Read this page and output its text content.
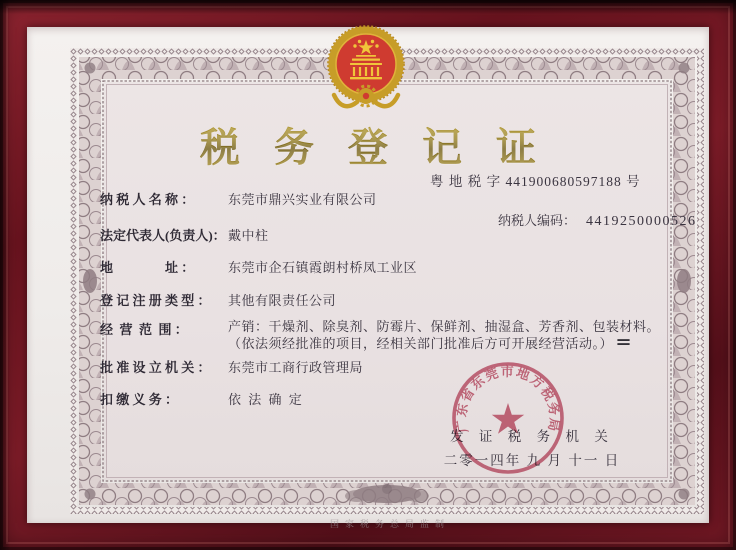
税务登记证
粤 地 税 字 441900680597188 号
纳税人编码： 4419250000526
纳 税 人 名 称 ：	东莞市鼎兴实业有限公司
法定代表人(负责人)： 戴中柱
地　　　　址 ：	东莞市企石镇霞朗村桥凤工业区
登 记 注 册 类 型 ： 其他有限责任公司
经  营  范  围 ：	产销：干燥剂、除臭剂、防霉片、保鲜剂、抽湿盒、芳香剂、包装材料。（依法须经批准的项目，经相关部门批准后方可开展经营活动。） ＝
批 准 设 立 机 关 ： 东莞市工商行政管理局
扣 缴 义 务 ：	依 法 确 定
发 证 税 务 机 关
二零一四年 九 月 十一 日
广东省东莞市地方税务局
国家税务总局监制
